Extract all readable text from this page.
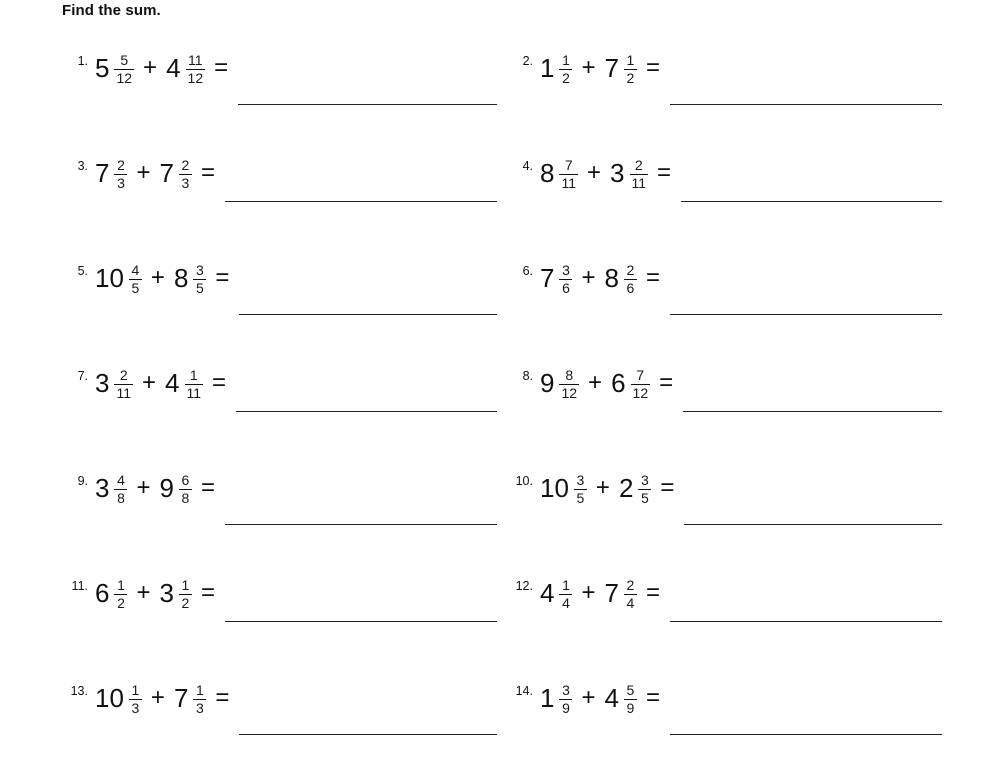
Find the sum.
1. $5 \frac{5}{12} + 4 \frac{11}{12}$ =	2. $1 \frac{1}{2} + 7 \frac{1}{2}$ =
3. $7 \frac{2}{3} + 7 \frac{2}{3}$ =	4. $8 \frac{7}{11} + 3 \frac{2}{11}$ =
5. $10 \frac{4}{5} + 8 \frac{3}{5}$ =	6. $7 \frac{3}{6} + 8 \frac{2}{6}$ =
7. $3 \frac{2}{11} + 4 \frac{1}{11}$ =	8. $9 \frac{8}{12} + 6 \frac{7}{12}$ =
9. $3 \frac{4}{8} + 9 \frac{6}{8}$ =	10. $10 \frac{3}{5} + 2 \frac{3}{5}$ =
11. $6 \frac{1}{2} + 3 \frac{1}{2}$ =	12. $4 \frac{1}{4} + 7 \frac{2}{4}$ =
13. $10 \frac{1}{3} + 7 \frac{1}{3}$ =	14. $1 \frac{3}{9} + 4 \frac{5}{9}$ =
